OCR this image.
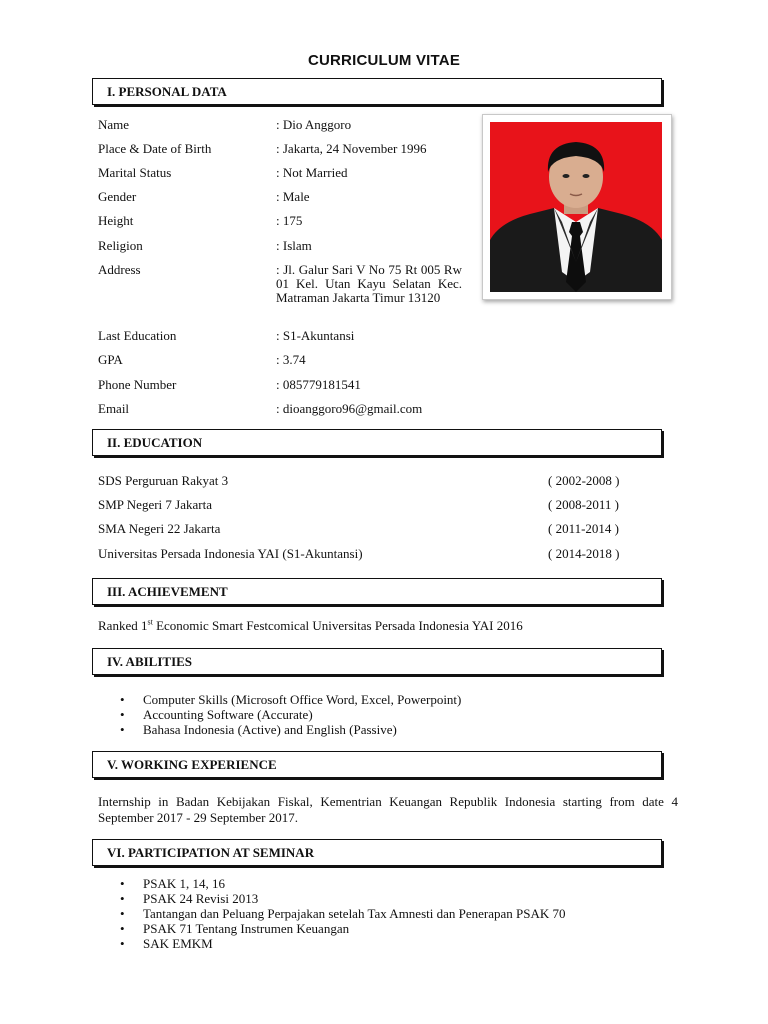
CURRICULUM VITAE
I. PERSONAL DATA
Name	: Dio Anggoro
Place & Date of Birth	: Jakarta, 24 November 1996
Marital Status	: Not Married
Gender	: Male
Height	: 175
Religion	: Islam
Address	: Jl. Galur Sari V No 75 Rt 005 Rw 01 Kel. Utan Kayu Selatan Kec. Matraman Jakarta Timur 13120
Last Education	: S1-Akuntansi
GPA	: 3.74
Phone Number	: 085779181541
Email	: dioanggoro96@gmail.com
II. EDUCATION
SDS Perguruan Rakyat 3	( 2002-2008 )
SMP Negeri 7 Jakarta	( 2008-2011 )
SMA Negeri 22 Jakarta	( 2011-2014 )
Universitas Persada Indonesia YAI (S1-Akuntansi)	( 2014-2018 )
III. ACHIEVEMENT
Ranked 1st Economic Smart Festcomical Universitas Persada Indonesia YAI 2016
IV. ABILITIES
• Computer Skills (Microsoft Office Word, Excel, Powerpoint)
• Accounting Software (Accurate)
• Bahasa Indonesia (Active) and English (Passive)
V. WORKING EXPERIENCE
Internship in Badan Kebijakan Fiskal, Kementrian Keuangan Republik Indonesia starting from date 4 September 2017 - 29 September 2017.
VI. PARTICIPATION AT SEMINAR
• PSAK 1, 14, 16
• PSAK 24 Revisi 2013
• Tantangan dan Peluang Perpajakan setelah Tax Amnesti dan Penerapan PSAK 70
• PSAK 71 Tentang Instrumen Keuangan
• SAK EMKM
